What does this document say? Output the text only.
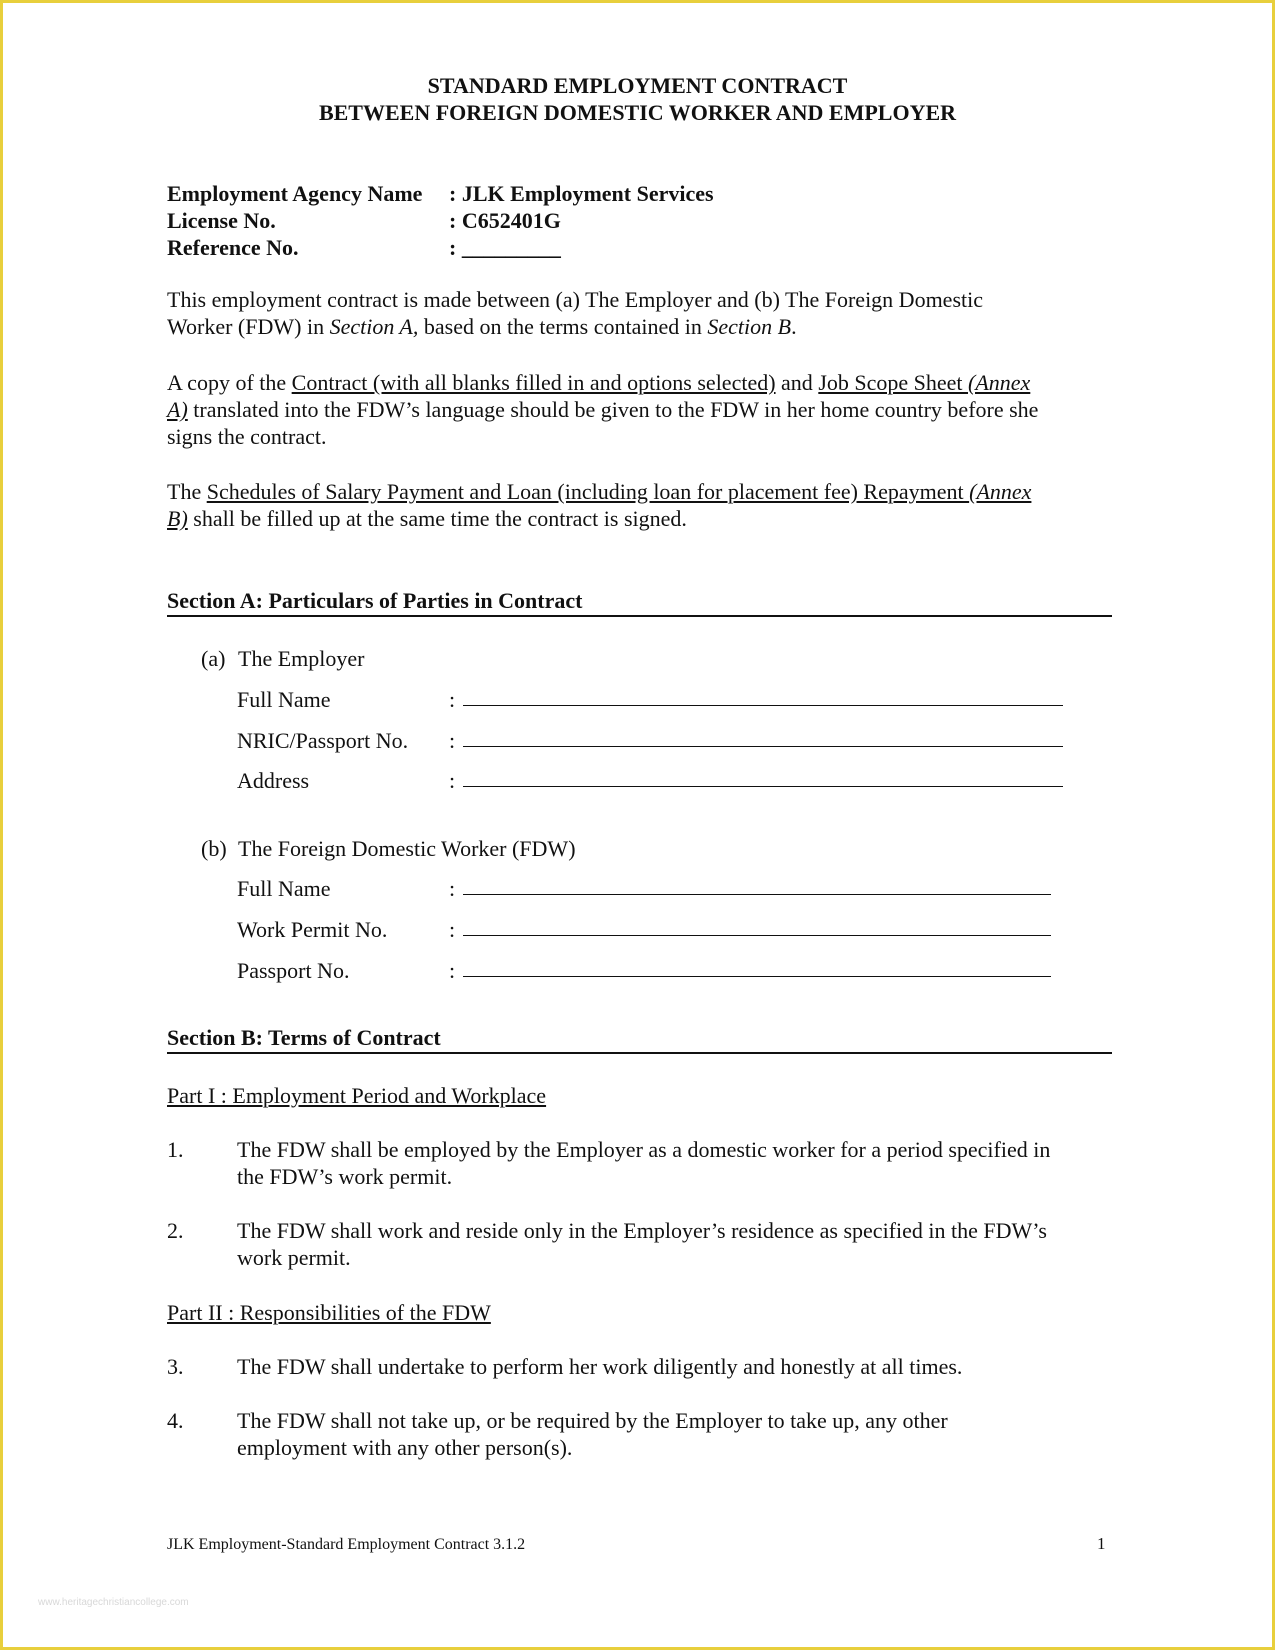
STANDARD EMPLOYMENT CONTRACT
BETWEEN FOREIGN DOMESTIC WORKER AND EMPLOYER
Employment Agency Name : JLK Employment Services
License No.	: C652401G
Reference No.	: _________
This employment contract is made between (a) The Employer and (b) The Foreign Domestic
Worker (FDW) in Section A, based on the terms contained in Section B.
A copy of the Contract (with all blanks filled in and options selected) and Job Scope Sheet (Annex
A) translated into the FDW’s language should be given to the FDW in her home country before she
signs the contract.
The Schedules of Salary Payment and Loan (including loan for placement fee) Repayment (Annex
B) shall be filled up at the same time the contract is signed.
Section A: Particulars of Parties in Contract
(a) The Employer
Full Name	:
NRIC/Passport No. :
Address	:
(b) The Foreign Domestic Worker (FDW)
Full Name	:
Work Permit No.	:
Passport No.	:
Section B: Terms of Contract
Part I : Employment Period and Workplace
1. The FDW shall be employed by the Employer as a domestic worker for a period specified in
the FDW’s work permit.
2. The FDW shall work and reside only in the Employer’s residence as specified in the FDW’s
work permit.
Part II : Responsibilities of the FDW
3. The FDW shall undertake to perform her work diligently and honestly at all times.
4. The FDW shall not take up, or be required by the Employer to take up, any other
employment with any other person(s).
JLK Employment-Standard Employment Contract 3.1.2	1
www.heritagechristiancollege.com
